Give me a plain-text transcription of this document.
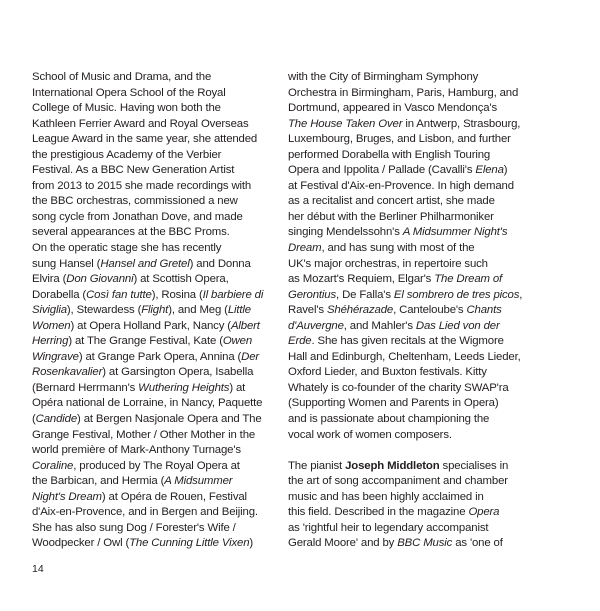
School of Music and Drama, and the
International Opera School of the Royal
College of Music. Having won both the
Kathleen Ferrier Award and Royal Overseas
League Award in the same year, she attended
the prestigious Academy of the Verbier
Festival. As a BBC New Generation Artist
from 2013 to 2015 she made recordings with
the BBC orchestras, commissioned a new
song cycle from Jonathan Dove, and made
several appearances at the BBC Proms.
On the operatic stage she has recently
sung Hansel (Hansel and Gretel) and Donna
Elvira (Don Giovanni) at Scottish Opera,
Dorabella (Così fan tutte), Rosina (Il barbiere di
Siviglia), Stewardess (Flight), and Meg (Little
Women) at Opera Holland Park, Nancy (Albert
Herring) at The Grange Festival, Kate (Owen
Wingrave) at Grange Park Opera, Annina (Der
Rosenkavalier) at Garsington Opera, Isabella
(Bernard Herrmann's Wuthering Heights) at
Opéra national de Lorraine, in Nancy, Paquette
(Candide) at Bergen Nasjonale Opera and The
Grange Festival, Mother / Other Mother in the
world première of Mark-Anthony Turnage's
Coraline, produced by The Royal Opera at
the Barbican, and Hermia (A Midsummer
Night's Dream) at Opéra de Rouen, Festival
d'Aix-en-Provence, and in Bergen and Beijing.
She has also sung Dog / Forester's Wife /
Woodpecker / Owl (The Cunning Little Vixen)
with the City of Birmingham Symphony
Orchestra in Birmingham, Paris, Hamburg, and
Dortmund, appeared in Vasco Mendonça's
The House Taken Over in Antwerp, Strasbourg,
Luxembourg, Bruges, and Lisbon, and further
performed Dorabella with English Touring
Opera and Ippolita / Pallade (Cavalli's Elena)
at Festival d'Aix-en-Provence. In high demand
as a recitalist and concert artist, she made
her début with the Berliner Philharmoniker
singing Mendelssohn's A Midsummer Night's
Dream, and has sung with most of the
UK's major orchestras, in repertoire such
as Mozart's Requiem, Elgar's The Dream of
Gerontius, De Falla's El sombrero de tres picos,
Ravel's Shéhérazade, Canteloube's Chants
d'Auvergne, and Mahler's Das Lied von der
Erde. She has given recitals at the Wigmore
Hall and Edinburgh, Cheltenham, Leeds Lieder,
Oxford Lieder, and Buxton festivals. Kitty
Whately is co-founder of the charity SWAP'ra
(Supporting Women and Parents in Opera)
and is passionate about championing the
vocal work of women composers.
The pianist Joseph Middleton specialises in
the art of song accompaniment and chamber
music and has been highly acclaimed in
this field. Described in the magazine Opera
as 'rightful heir to legendary accompanist
Gerald Moore' and by BBC Music as 'one of
14
